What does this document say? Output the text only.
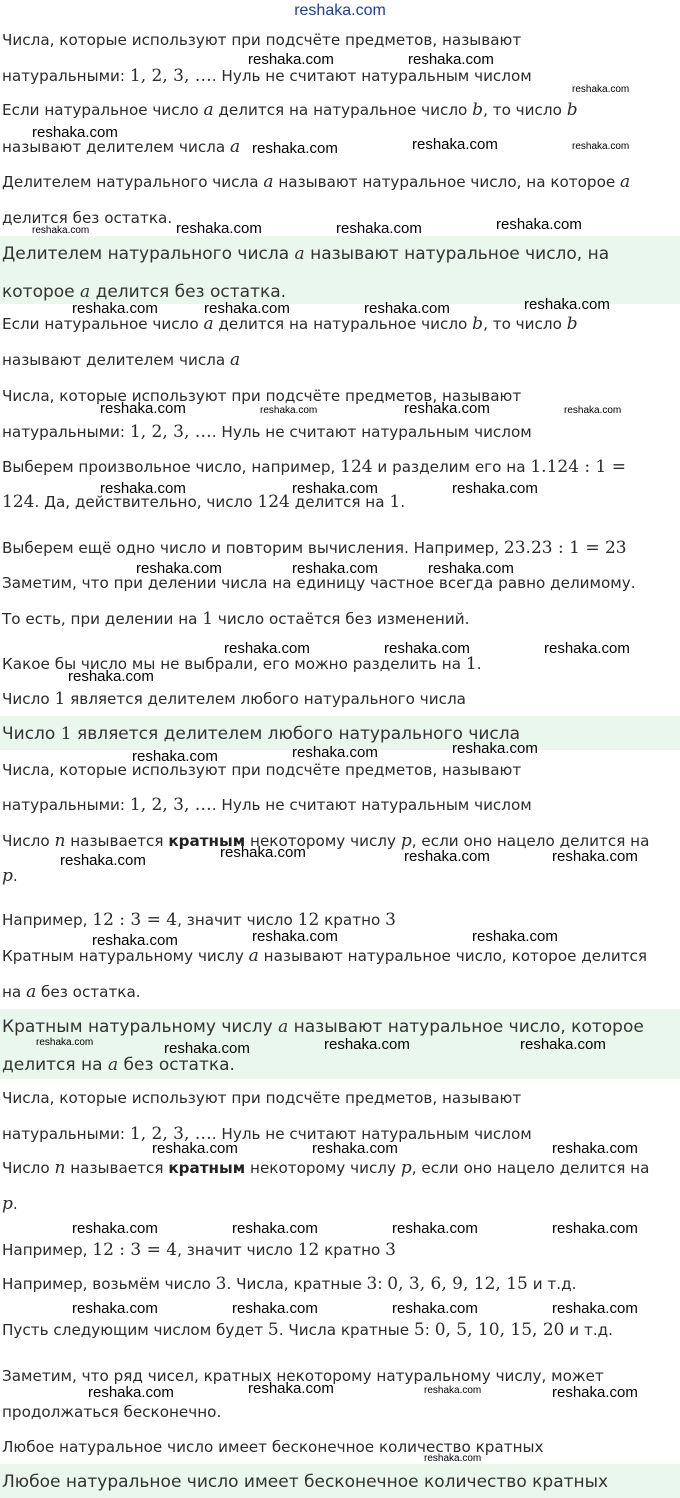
reshaka.com
Числа, которые используют при подсчёте предметов, называют
натуральными: 1, 2, 3, …. Нуль не считают натуральным числом
Если натуральное число a делится на натуральное число b, то число b
называют делителем числа a
Делителем натурального числа a называют натуральное число, на которое a
делится без остатка.
Делителем натурального числа a называют натуральное число, на
которое a делится без остатка.
Если натуральное число a делится на натуральное число b, то число b
называют делителем числа a
Числа, которые используют при подсчёте предметов, называют
натуральными: 1, 2, 3, …. Нуль не считают натуральным числом
Выберем произвольное число, например, 124 и разделим его на 1.124 : 1 =
124. Да, действительно, число 124 делится на 1.
Выберем ещё одно число и повторим вычисления. Например, 23.23 : 1 = 23
Заметим, что при делении числа на единицу частное всегда равно делимому.
То есть, при делении на 1 число остаётся без изменений.
Какое бы число мы не выбрали, его можно разделить на 1.
Число 1 является делителем любого натурального числа
Число 1 является делителем любого натурального числа
Числа, которые используют при подсчёте предметов, называют
натуральными: 1, 2, 3, …. Нуль не считают натуральным числом
Число n называется кратным некоторому числу p, если оно нацело делится на
p.
Например, 12 : 3 = 4, значит число 12 кратно 3
Кратным натуральному числу a называют натуральное число, которое делится
на a без остатка.
Кратным натуральному числу a называют натуральное число, которое
делится на a без остатка.
Числа, которые используют при подсчёте предметов, называют
натуральными: 1, 2, 3, …. Нуль не считают натуральным числом
Число n называется кратным некоторому числу p, если оно нацело делится на
p.
Например, 12 : 3 = 4, значит число 12 кратно 3
Например, возьмём число 3. Числа, кратные 3: 0, 3, 6, 9, 12, 15 и т.д.
Пусть следующим числом будет 5. Числа кратные 5: 0, 5, 10, 15, 20 и т.д.
Заметим, что ряд чисел, кратных некоторому натуральному числу, может
продолжаться бесконечно.
Любое натуральное число имеет бесконечное количество кратных
Любое натуральное число имеет бесконечное количество кратных
reshaka.com	reshaka.com
reshaka.com
reshaka.com
reshaka.com	reshaka.com	reshaka.com
reshaka.com	reshaka.com	reshaka.com	reshaka.com
reshaka.com	reshaka.com	reshaka.com	reshaka.com
reshaka.com	reshaka.com	reshaka.com	reshaka.com
reshaka.com	reshaka.com	reshaka.com
reshaka.com	reshaka.com	reshaka.com
reshaka.com	reshaka.com	reshaka.com
reshaka.com
reshaka.com	reshaka.com	reshaka.com
reshaka.com	reshaka.com	reshaka.com	reshaka.com
reshaka.com	reshaka.com	reshaka.com
reshaka.com	reshaka.com	reshaka.com	reshaka.com
reshaka.com	reshaka.com	reshaka.com
reshaka.com	reshaka.com	reshaka.com	reshaka.com
reshaka.com	reshaka.com	reshaka.com	reshaka.com
reshaka.com	reshaka.com	reshaka.com	reshaka.com
reshaka.com
